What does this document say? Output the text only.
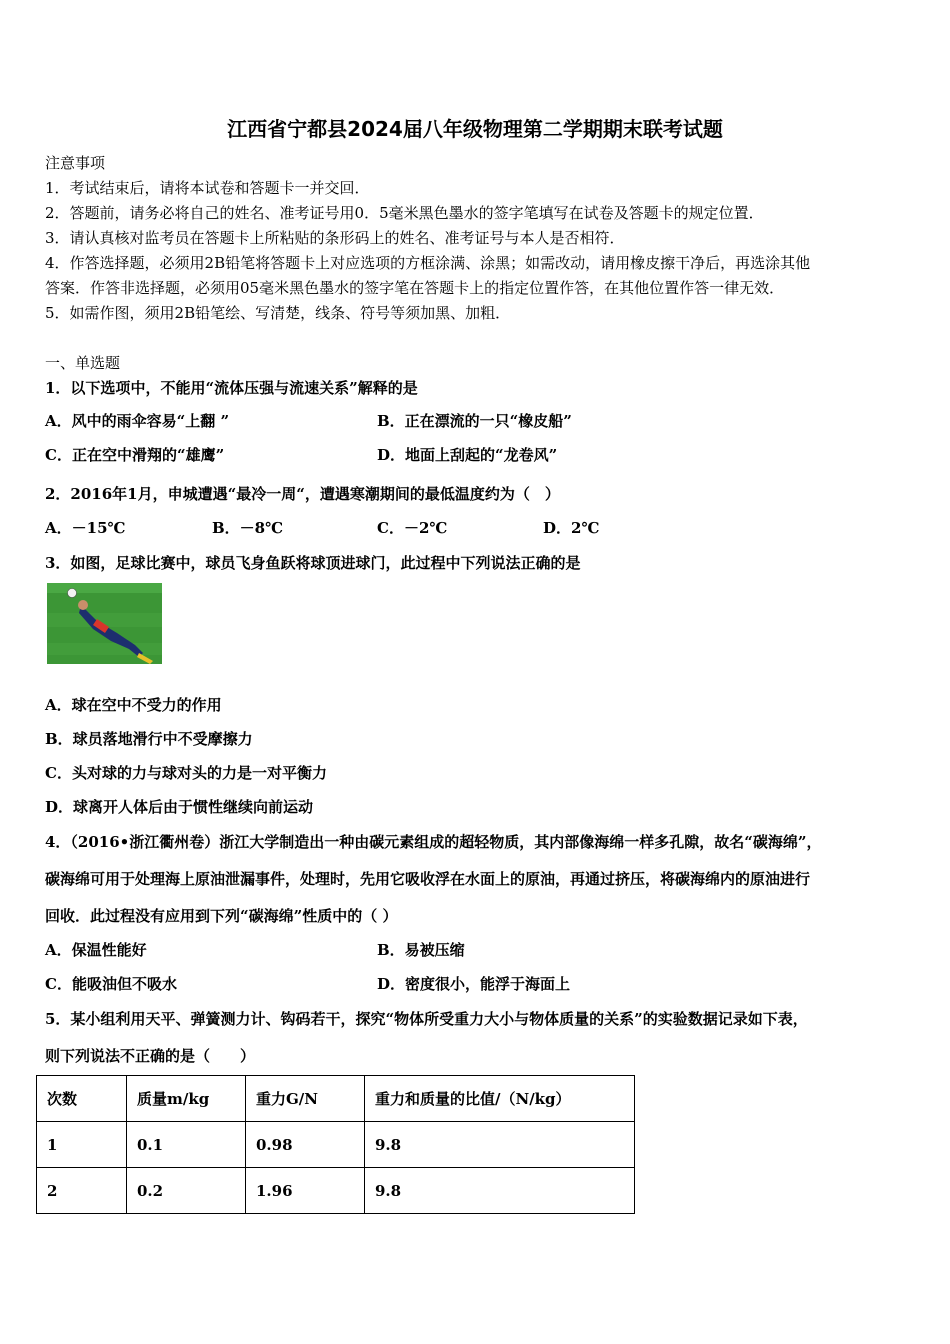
江西省宁都县2024届八年级物理第二学期期末联考试题
注意事项
1．考试结束后，请将本试卷和答题卡一并交回．
2．答题前，请务必将自己的姓名、准考证号用0．5毫米黑色墨水的签字笔填写在试卷及答题卡的规定位置．
3．请认真核对监考员在答题卡上所粘贴的条形码上的姓名、准考证号与本人是否相符．
4．作答选择题，必须用2B铅笔将答题卡上对应选项的方框涂满、涂黑；如需改动，请用橡皮擦干净后，再选涂其他
答案．作答非选择题，必须用05毫米黑色墨水的签字笔在答题卡上的指定位置作答，在其他位置作答一律无效．
5．如需作图，须用2B铅笔绘、写清楚，线条、符号等须加黑、加粗．
一、单选题
1．以下选项中，不能用“流体压强与流速关系”解释的是
A．风中的雨伞容易“上翻 ”	B．正在漂流的一只“橡皮船”
C．正在空中滑翔的“雄鹰”	D．地面上刮起的“龙卷风”
2．2016年1月，申城遭遇“最冷一周“，遭遇寒潮期间的最低温度约为（　）
A．－15℃	B．－8℃	C．－2℃	D．2℃
3．如图，足球比赛中，球员飞身鱼跃将球顶进球门，此过程中下列说法正确的是
A．球在空中不受力的作用
B．球员落地滑行中不受摩擦力
C．头对球的力与球对头的力是一对平衡力
D．球离开人体后由于惯性继续向前运动
4．（2016•浙江衢州卷）浙江大学制造出一种由碳元素组成的超轻物质，其内部像海绵一样多孔隙，故名“碳海绵”，
碳海绵可用于处理海上原油泄漏事件，处理时，先用它吸收浮在水面上的原油，再通过挤压，将碳海绵内的原油进行
回收．此过程没有应用到下列“碳海绵”性质中的（ ）
A．保温性能好	B．易被压缩
C．能吸油但不吸水	D．密度很小，能浮于海面上
5．某小组利用天平、弹簧测力计、钩码若干，探究“物体所受重力大小与物体质量的关系”的实验数据记录如下表，
则下列说法不正确的是（　　）
次数	质量m/kg	重力G/N	重力和质量的比值/（N/kg）
1	0.1	0.98	9.8
2	0.2	1.96	9.8
